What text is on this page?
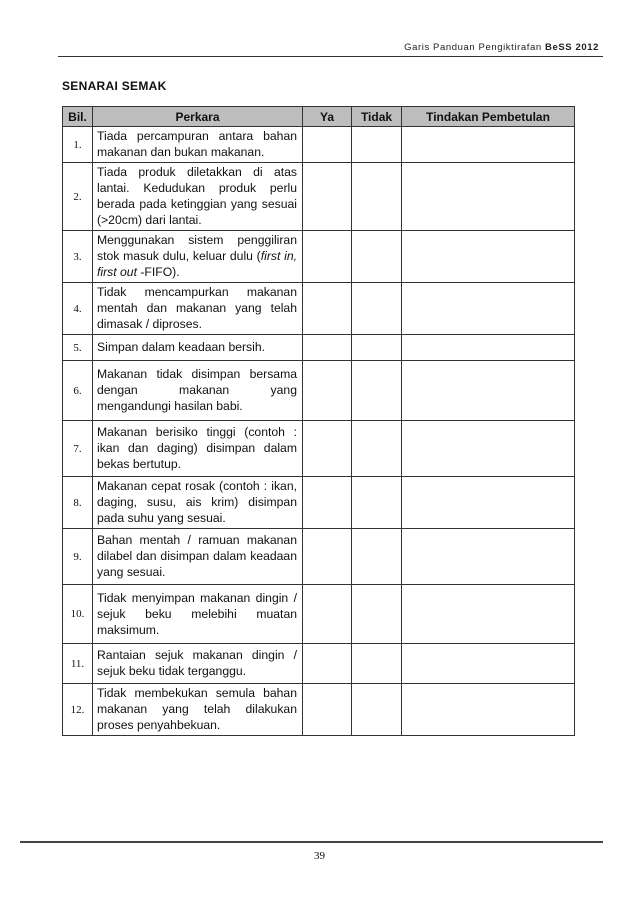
Garis Panduan Pengiktirafan BeSS 2012
SENARAI SEMAK
Bil.	Perkara	Ya	Tidak	Tindakan Pembetulan
1.	Tiada percampuran antara bahan makanan dan bukan makanan.			
2.	Tiada produk diletakkan di atas lantai. Kedudukan produk perlu berada pada ketinggian yang sesuai (>20cm) dari lantai.			
3.	Menggunakan sistem penggiliran stok masuk dulu, keluar dulu (first in, first out -FIFO).			
4.	Tidak mencampurkan makanan mentah dan makanan yang telah dimasak / diproses.			
5.	Simpan dalam keadaan bersih.			
6.	Makanan tidak disimpan bersama dengan makanan yang mengandungi hasilan babi.			
7.	Makanan berisiko tinggi (contoh : ikan dan daging) disimpan dalam bekas bertutup.			
8.	Makanan cepat rosak (contoh : ikan, daging, susu, ais krim) disimpan pada suhu yang sesuai.			
9.	Bahan mentah / ramuan makanan dilabel dan disimpan dalam keadaan yang sesuai.			
10.	Tidak menyimpan makanan dingin / sejuk beku melebihi muatan maksimum.			
11.	Rantaian sejuk makanan dingin / sejuk beku tidak terganggu.			
12.	Tidak membekukan semula bahan makanan yang telah dilakukan proses penyahbekuan.			
39
